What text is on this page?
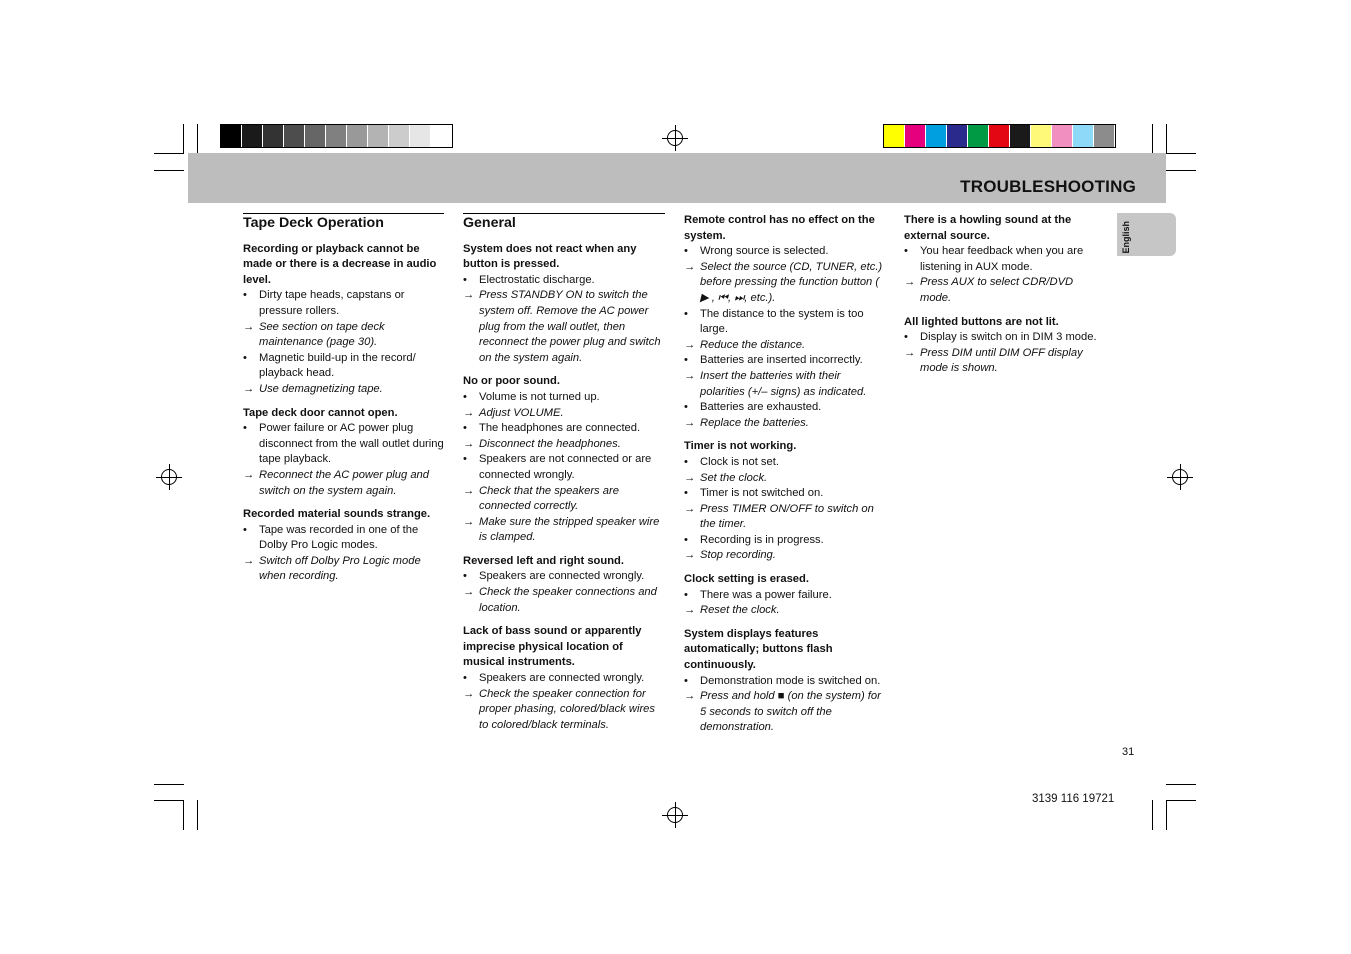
TROUBLESHOOTING
English
Tape Deck Operation

Recording or playback cannot be made or there is a decrease in audio level.

• Dirty tape heads, capstans or pressure rollers.

→ See section on tape deck maintenance (page 30).

• Magnetic build-up in the record/ playback head.

→ Use demagnetizing tape.

Tape deck door cannot open.

• Power failure or AC power plug disconnect from the wall outlet during tape playback.

→ Reconnect the AC power plug and switch on the system again.

Recorded material sounds strange.

• Tape was recorded in one of the Dolby Pro Logic modes.

→ Switch off Dolby Pro Logic mode when recording.

General

System does not react when any button is pressed.

• Electrostatic discharge.

→ Press STANDBY ON to switch the system off. Remove the AC power plug from the wall outlet, then reconnect the power plug and switch on the system again.

No or poor sound.

• Volume is not turned up.

→ Adjust VOLUME.

• The headphones are connected.

→ Disconnect the headphones.

• Speakers are not connected or are connected wrongly.

→ Check that the speakers are connected correctly.

→ Make sure the stripped speaker wire is clamped.

Reversed left and right sound.

• Speakers are connected wrongly.

→ Check the speaker connections and location.

Lack of bass sound or apparently imprecise physical location of musical instruments.

• Speakers are connected wrongly.

→ Check the speaker connection for proper phasing, colored/black wires to colored/black terminals.

Remote control has no effect on the system.

• Wrong source is selected.

→ Select the source (CD, TUNER, etc.) before pressing the function button ( ▶ , ⏮, ⏭, etc.).

• The distance to the system is too large.

→ Reduce the distance.

• Batteries are inserted incorrectly.

→ Insert the batteries with their polarities (+/– signs) as indicated.

• Batteries are exhausted.

→ Replace the batteries.

Timer is not working.

• Clock is not set.

→ Set the clock.

• Timer is not switched on.

→ Press TIMER ON/OFF to switch on the timer.

• Recording is in progress.

→ Stop recording.

Clock setting is erased.

• There was a power failure.

→ Reset the clock.

System displays features automatically; buttons flash continuously.

• Demonstration mode is switched on.

→ Press and hold ■ (on the system) for 5 seconds to switch off the demonstration.

There is a howling sound at the external source.

• You hear feedback when you are listening in AUX mode.

→ Press AUX to select CDR/DVD mode.

All lighted buttons are not lit.

• Display is switch on in DIM 3 mode.

→ Press DIM until DIM OFF display mode is shown.

31
3139 116 19721
